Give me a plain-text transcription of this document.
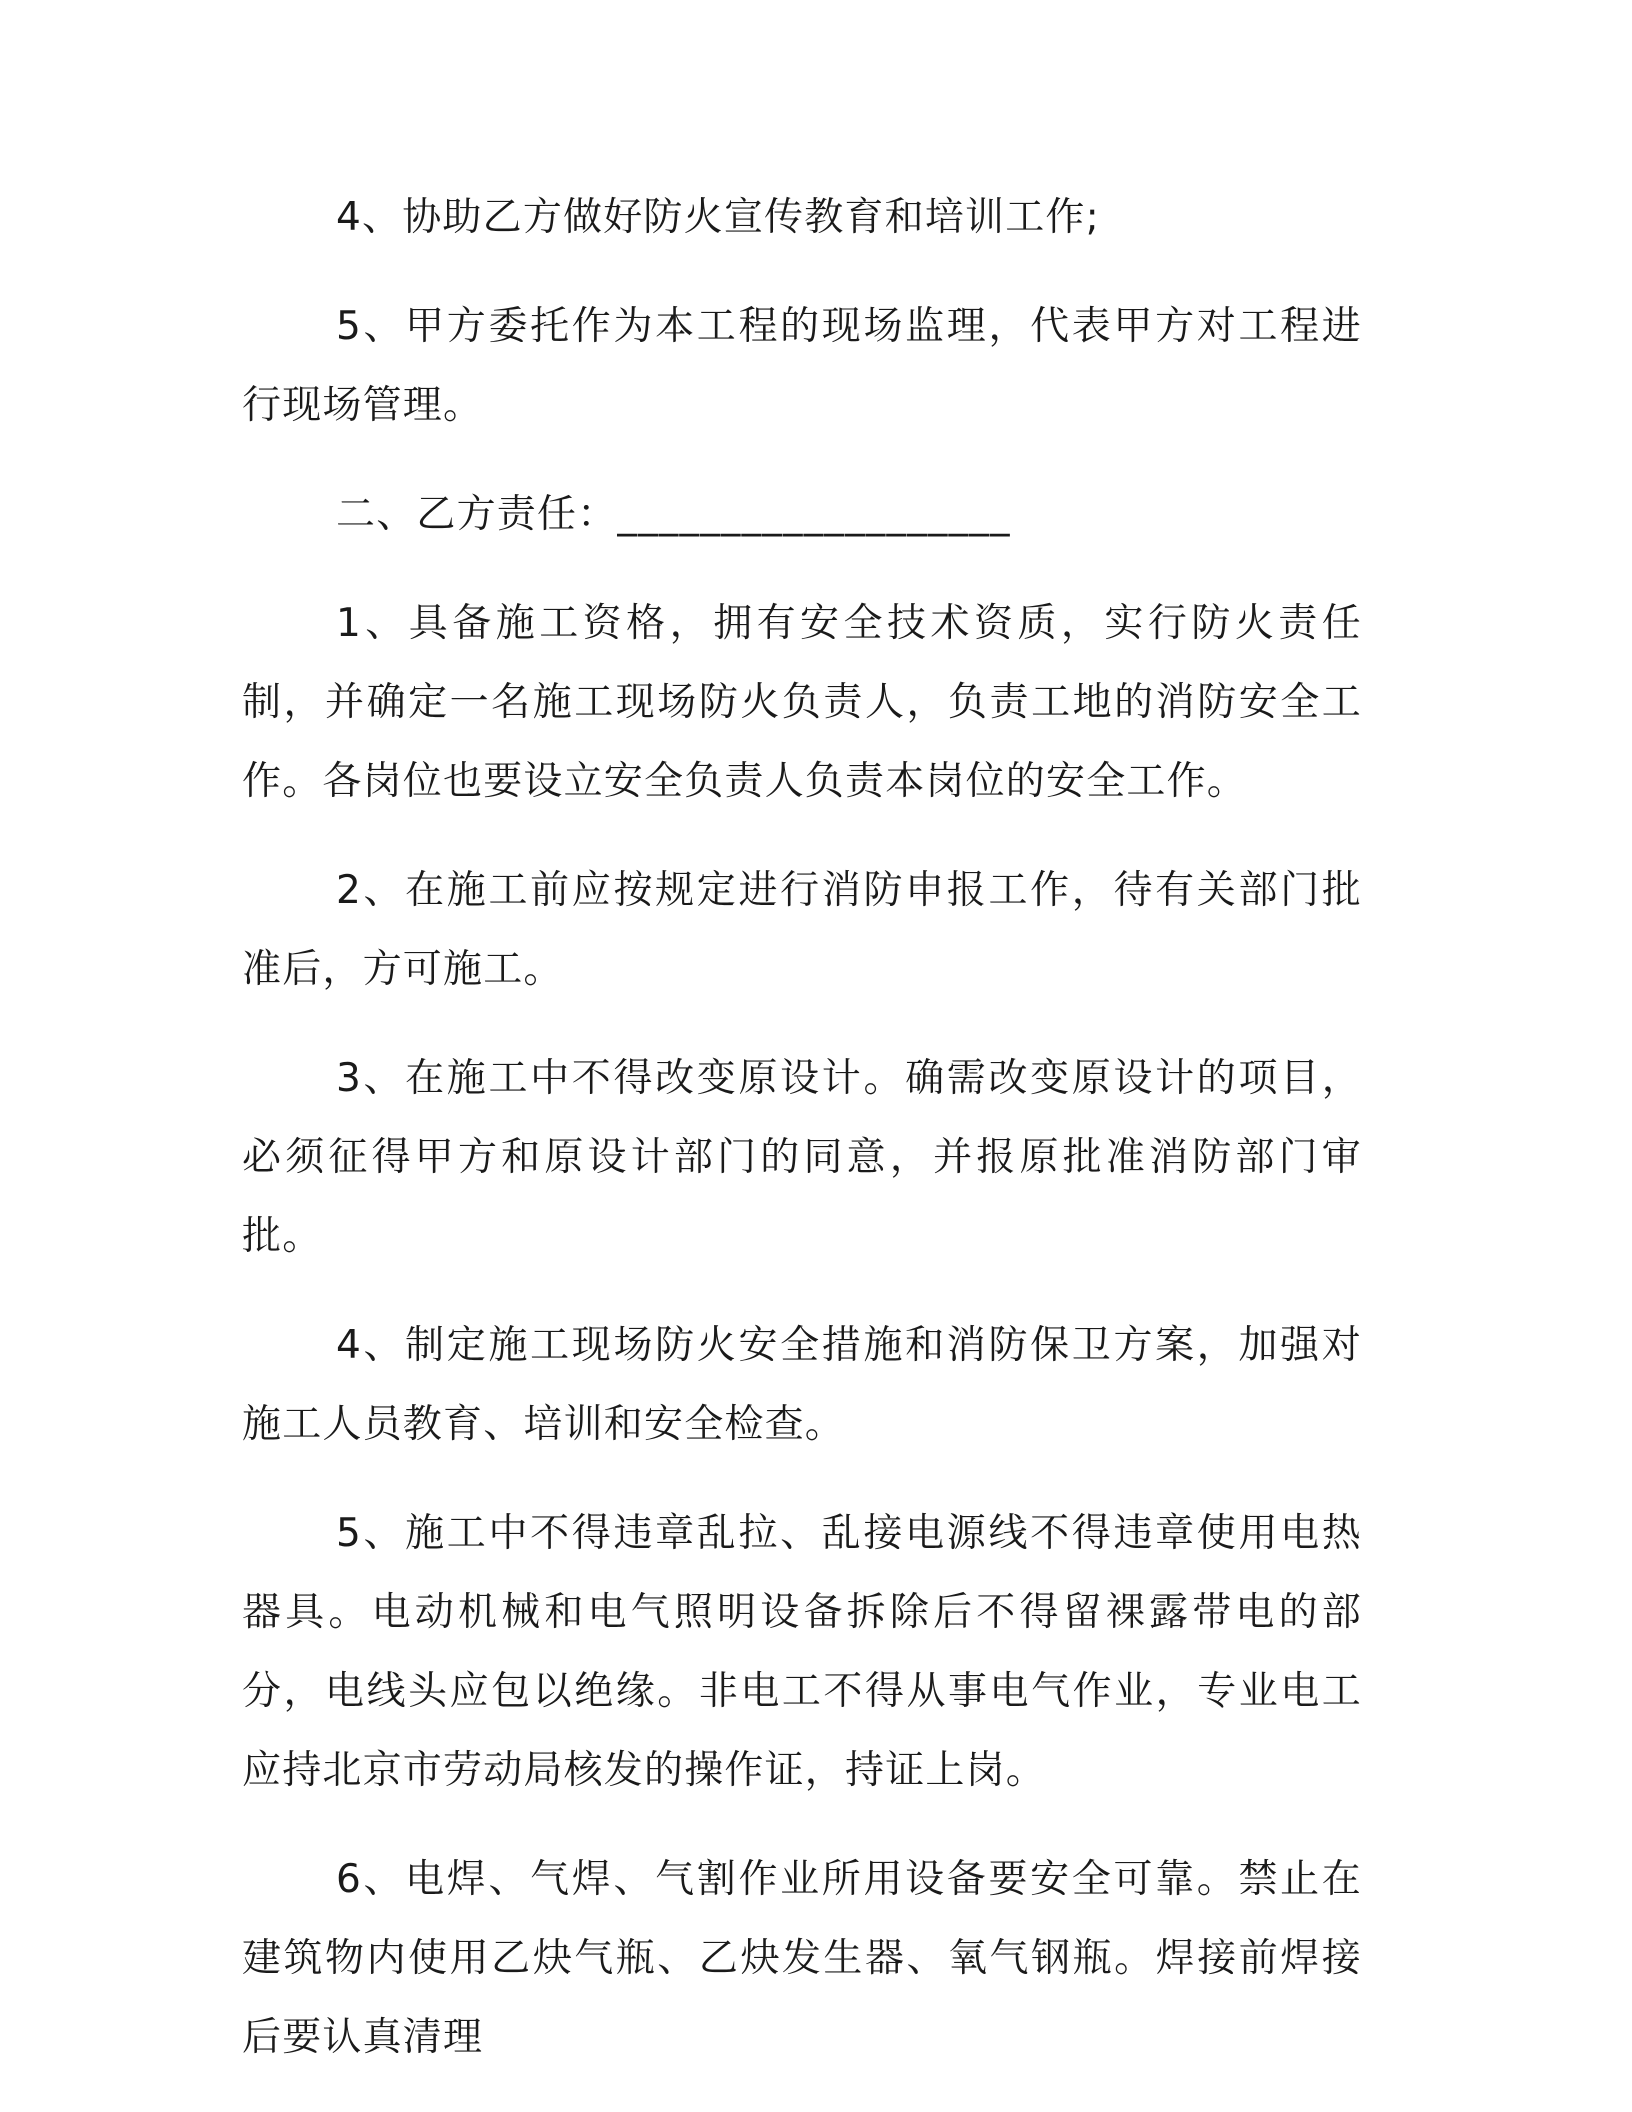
4、协助乙方做好防火宣传教育和培训工作;

5、甲方委托作为本工程的现场监理，代表甲方对工程进行现场管理。

二、乙方责任：___________________

1、具备施工资格，拥有安全技术资质，实行防火责任制，并确定一名施工现场防火负责人，负责工地的消防安全工作。各岗位也要设立安全负责人负责本岗位的安全工作。

2、在施工前应按规定进行消防申报工作，待有关部门批准后，方可施工。

3、在施工中不得改变原设计。确需改变原设计的项目，必须征得甲方和原设计部门的同意，并报原批准消防部门审批。

4、制定施工现场防火安全措施和消防保卫方案，加强对施工人员教育、培训和安全检查。

5、施工中不得违章乱拉、乱接电源线不得违章使用电热器具。电动机械和电气照明设备拆除后不得留裸露带电的部分，电线头应包以绝缘。非电工不得从事电气作业，专业电工应持北京市劳动局核发的操作证，持证上岗。

6、电焊、气焊、气割作业所用设备要安全可靠。禁止在建筑物内使用乙炔气瓶、乙炔发生器、氧气钢瓶。焊接前焊接后要认真清理
